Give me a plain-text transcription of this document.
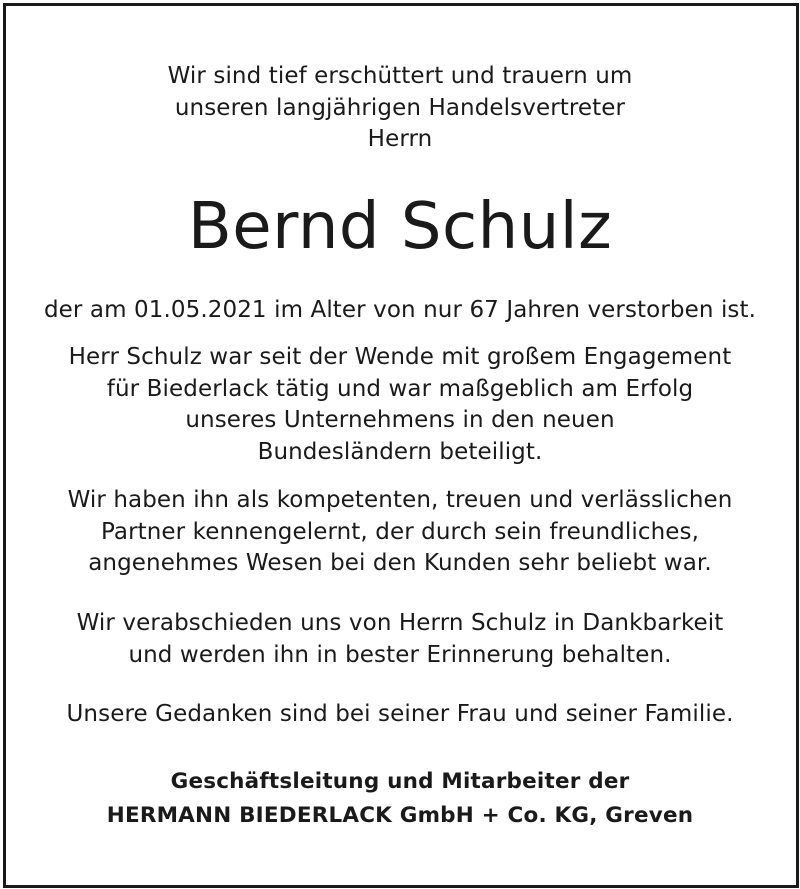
Wir sind tief erschüttert und trauern um
unseren langjährigen Handelsvertreter
Herrn
Bernd Schulz
der am 01.05.2021 im Alter von nur 67 Jahren verstorben ist.
Herr Schulz war seit der Wende mit großem Engagement
für Biederlack tätig und war maßgeblich am Erfolg
unseres Unternehmens in den neuen
Bundesländern beteiligt.
Wir haben ihn als kompetenten, treuen und verlässlichen
Partner kennengelernt, der durch sein freundliches,
angenehmes Wesen bei den Kunden sehr beliebt war.
Wir verabschieden uns von Herrn Schulz in Dankbarkeit
und werden ihn in bester Erinnerung behalten.
Unsere Gedanken sind bei seiner Frau und seiner Familie.
Geschäftsleitung und Mitarbeiter der
HERMANN BIEDERLACK GmbH + Co. KG, Greven
